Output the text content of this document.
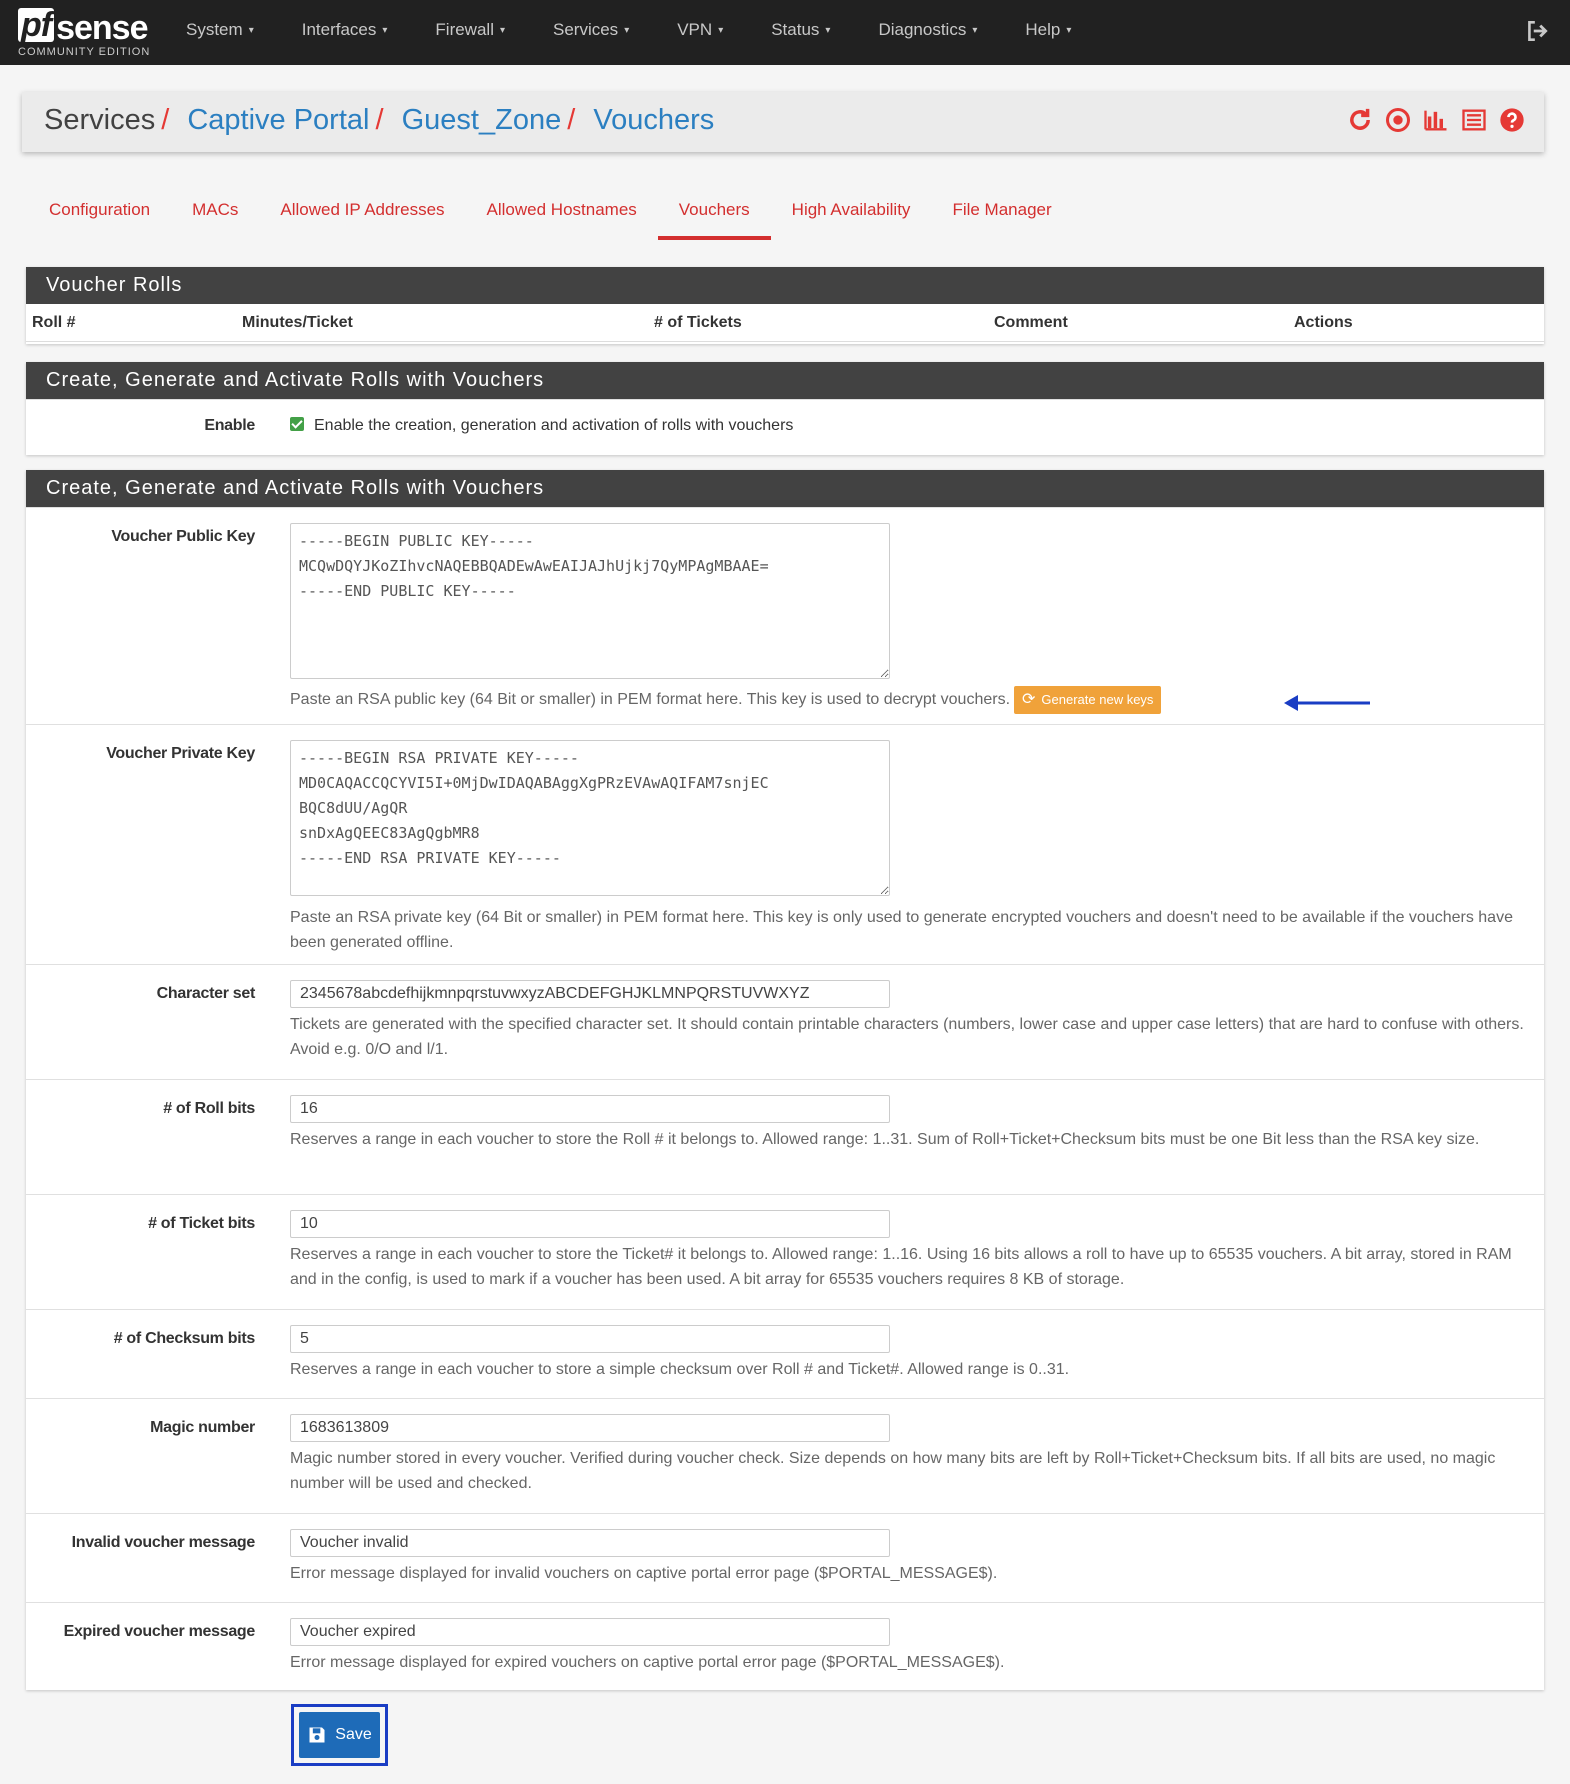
pf sense
COMMUNITY EDITION
System ▾	Interfaces ▾	Firewall ▾	Services ▾	VPN ▾	Status ▾	Diagnostics ▾	Help ▾
Services / Captive Portal / Guest_Zone / Vouchers
Configuration	MACs	Allowed IP Addresses	Allowed Hostnames	Vouchers	High Availability	File Manager
Voucher Rolls
Roll #	Minutes/Ticket	# of Tickets	Comment	Actions
Create, Generate and Activate Rolls with Vouchers
Enable	Enable the creation, generation and activation of rolls with vouchers
Create, Generate and Activate Rolls with Vouchers
Voucher Public Key
-----BEGIN PUBLIC KEY----- MCQwDQYJKoZIhvcNAQEBBQADEwAwEAIJAJhUjkj7QyMPAgMBAAE= -----END PUBLIC KEY-----
Paste an RSA public key (64 Bit or smaller) in PEM format here. This key is used to decrypt vouchers. ⟳ Generate new keys
Voucher Private Key
-----BEGIN RSA PRIVATE KEY----- MD0CAQACCQCYVI5I+0MjDwIDAQABAggXgPRzEVAwAQIFAM7snjEC BQC8dUU/AgQR snDxAgQEEC83AgQgbMR8 -----END RSA PRIVATE KEY-----
Paste an RSA private key (64 Bit or smaller) in PEM format here. This key is only used to generate encrypted vouchers and doesn't need to be available if the vouchers have been generated offline.
Character set
2345678abcdefhijkmnpqrstuvwxyzABCDEFGHJKLMNPQRSTUVWXYZ
Tickets are generated with the specified character set. It should contain printable characters (numbers, lower case and upper case letters) that are hard to confuse with others. Avoid e.g. 0/O and l/1.
# of Roll bits
16
Reserves a range in each voucher to store the Roll # it belongs to. Allowed range: 1..31. Sum of Roll+Ticket+Checksum bits must be one Bit less than the RSA key size.
# of Ticket bits
10
Reserves a range in each voucher to store the Ticket# it belongs to. Allowed range: 1..16. Using 16 bits allows a roll to have up to 65535 vouchers. A bit array, stored in RAM and in the config, is used to mark if a voucher has been used. A bit array for 65535 vouchers requires 8 KB of storage.
# of Checksum bits
5
Reserves a range in each voucher to store a simple checksum over Roll # and Ticket#. Allowed range is 0..31.
Magic number
1683613809
Magic number stored in every voucher. Verified during voucher check. Size depends on how many bits are left by Roll+Ticket+Checksum bits. If all bits are used, no magic number will be used and checked.
Invalid voucher message
Voucher invalid
Error message displayed for invalid vouchers on captive portal error page ($PORTAL_MESSAGE$).
Expired voucher message
Voucher expired
Error message displayed for expired vouchers on captive portal error page ($PORTAL_MESSAGE$).
Save
